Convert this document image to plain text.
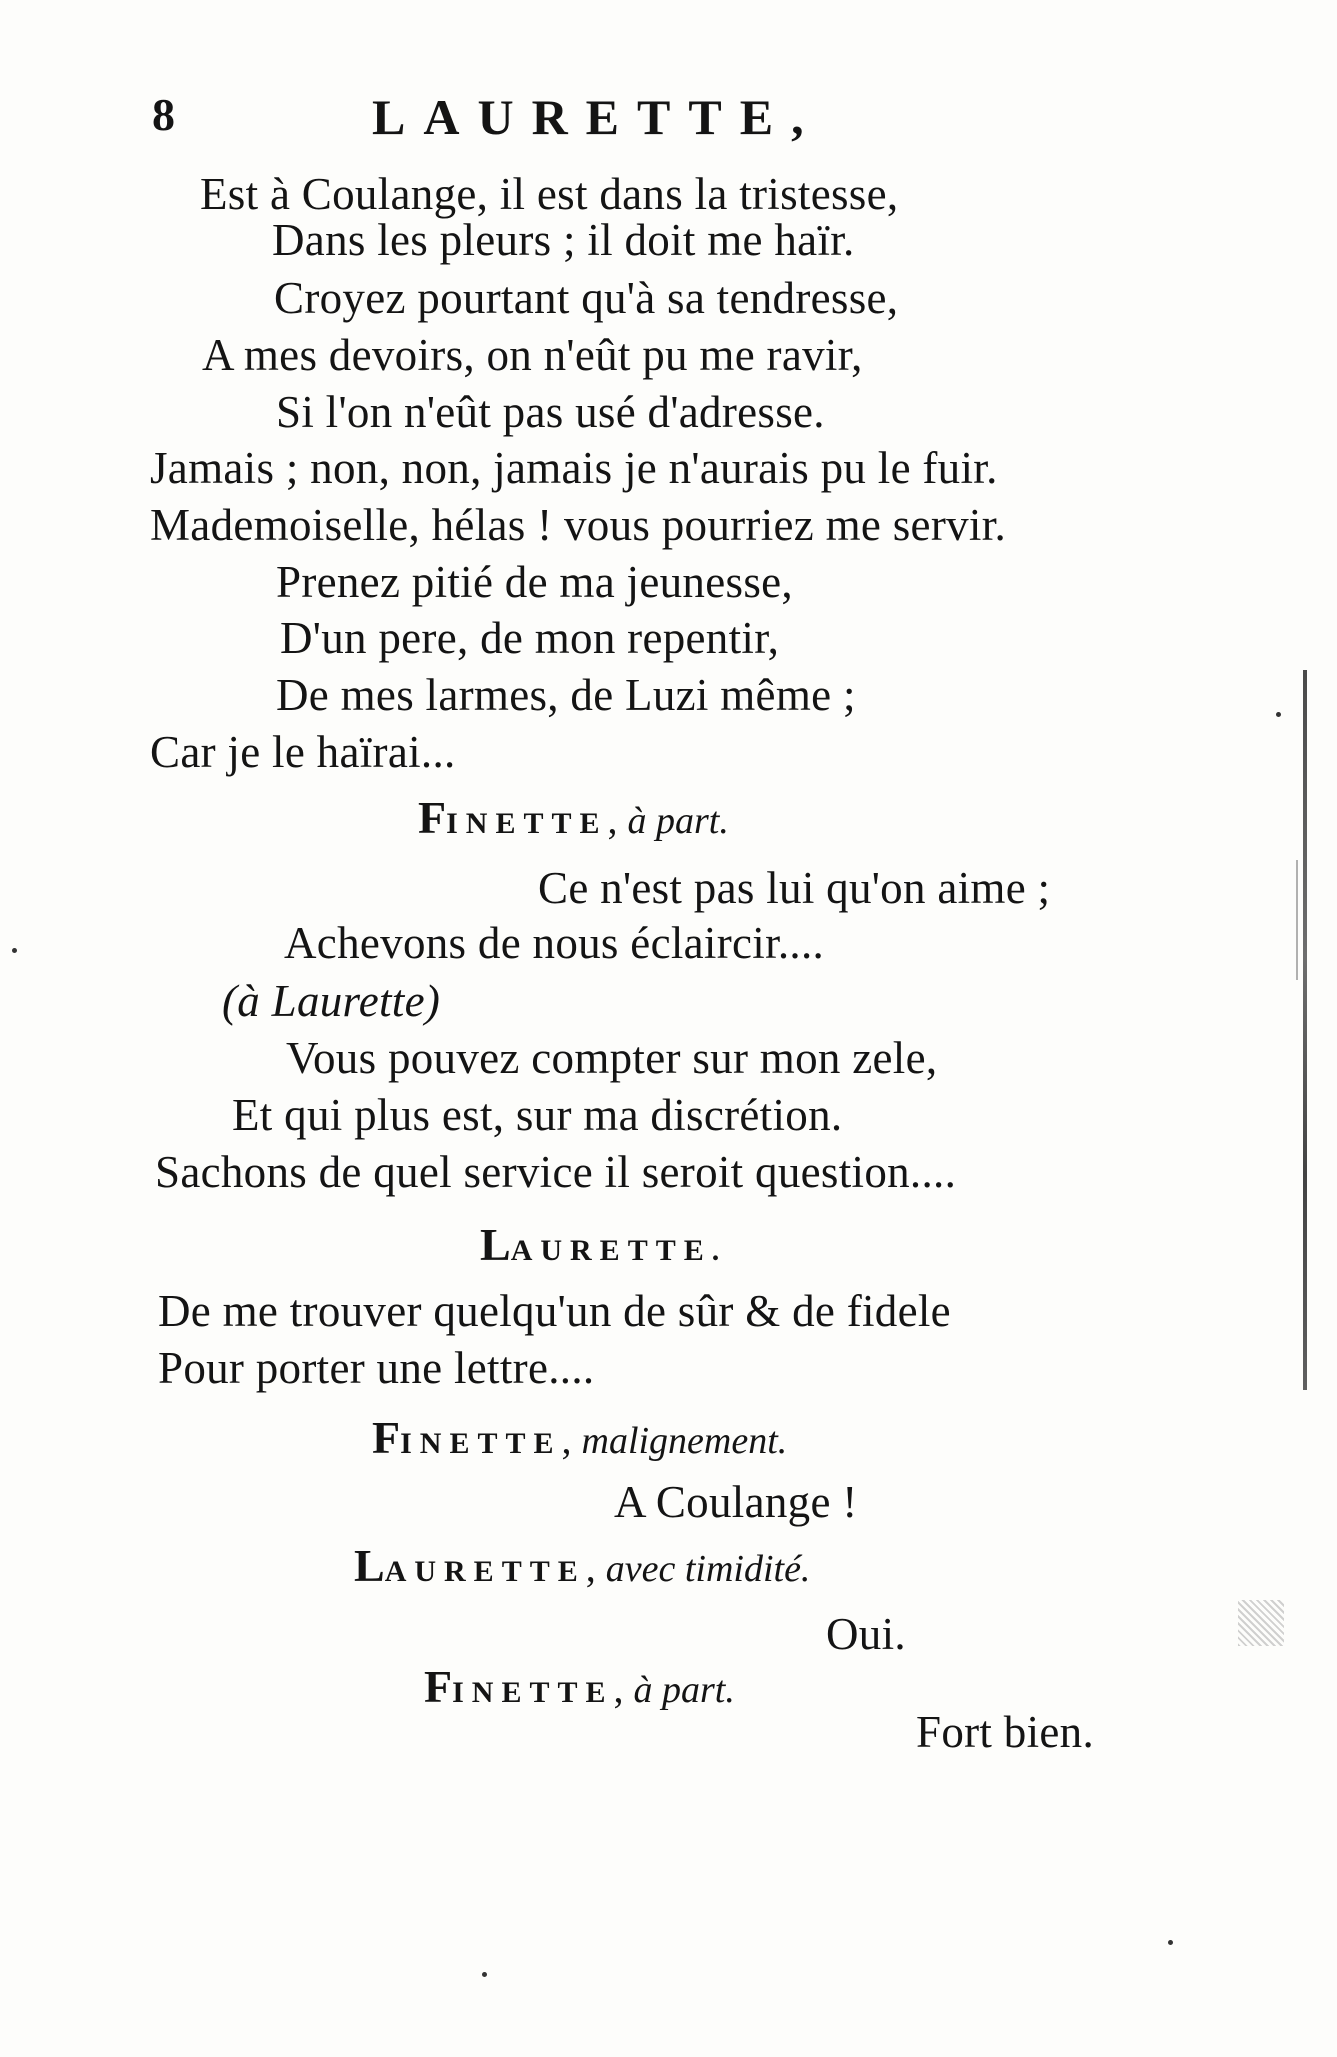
8	LAURETTE,
Est à Coulange, il est dans la tristesse,
Dans les pleurs ; il doit me haïr.
Croyez pourtant qu'à sa tendresse,
A mes devoirs, on n'eût pu me ravir,
Si l'on n'eût pas usé d'adresse.
Jamais ; non, non, jamais je n'aurais pu le fuir.
Mademoiselle, hélas ! vous pourriez me servir.
Prenez pitié de ma jeunesse,
D'un pere, de mon repentir,
De mes larmes, de Luzi même ;
Car je le haïrai...
FINETTE, à part.
Ce n'est pas lui qu'on aime ;
Achevons de nous éclaircir....
(à Laurette)
Vous pouvez compter sur mon zele,
Et qui plus est, sur ma discrétion.
Sachons de quel service il seroit question....
LAURETTE.
De me trouver quelqu'un de sûr & de fidele
Pour porter une lettre....
FINETTE, malignement.
A Coulange !
LAURETTE, avec timidité.
Oui.
FINETTE, à part.
Fort bien.
